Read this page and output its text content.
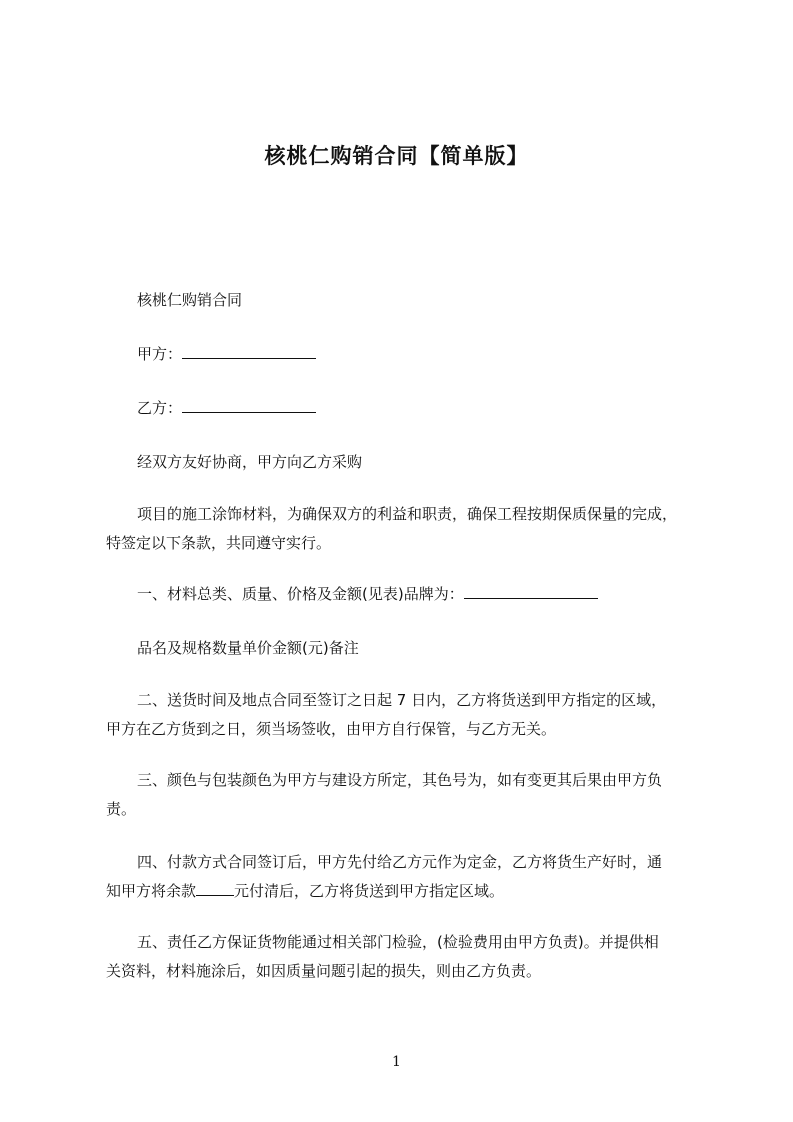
核桃仁购销合同【简单版】
核桃仁购销合同
甲方：
乙方：
经双方友好协商，甲方向乙方采购
项目的施工涂饰材料，为确保双方的利益和职责，确保工程按期保质保量的完成，
特签定以下条款，共同遵守实行。
一、材料总类、质量、价格及金额(见表)品牌为：
品名及规格数量单价金额(元)备注
二、送货时间及地点合同至签订之日起 7 日内，乙方将货送到甲方指定的区域，
甲方在乙方货到之日，须当场签收，由甲方自行保管，与乙方无关。
三、颜色与包装颜色为甲方与建设方所定，其色号为，如有变更其后果由甲方负
责。
四、付款方式合同签订后，甲方先付给乙方元作为定金，乙方将货生产好时，通
知甲方将余款	元付清后，乙方将货送到甲方指定区域。
五、责任乙方保证货物能通过相关部门检验，(检验费用由甲方负责)。并提供相
关资料，材料施涂后，如因质量问题引起的损失，则由乙方负责。
1
